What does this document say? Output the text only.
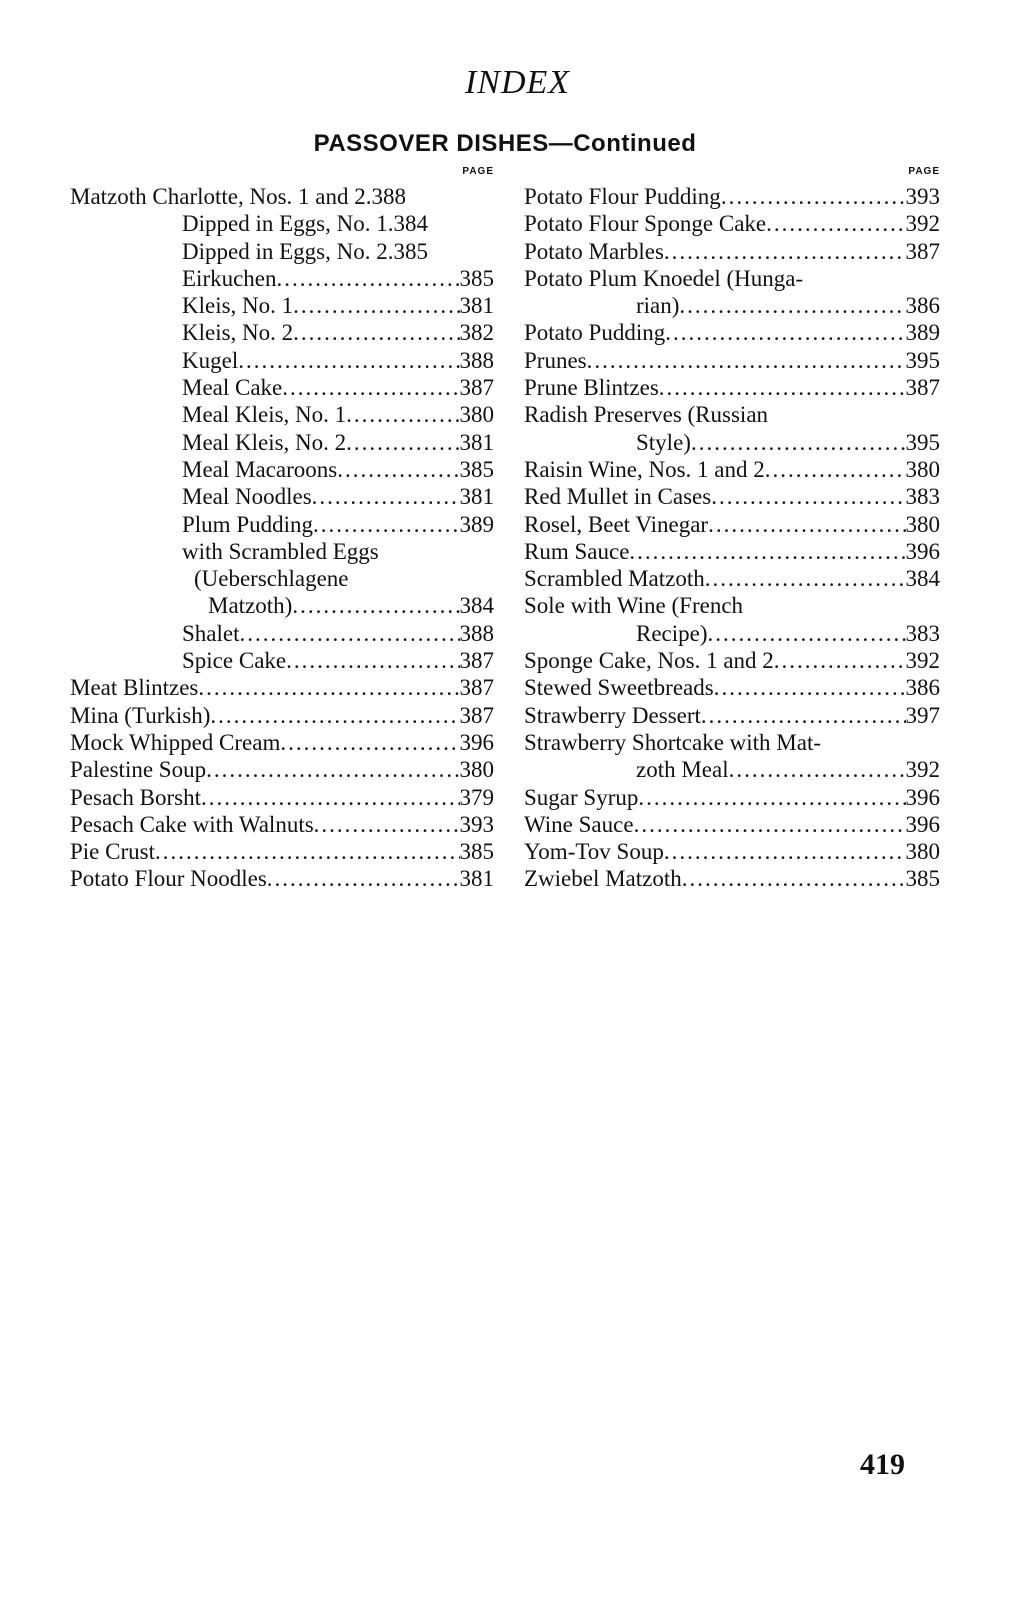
INDEX
PASSOVER DISHES—Continued
PAGE
Matzoth Charlotte, Nos. 1 and 2 . 388
Dipped in Eggs, No. 1 . 384
Dipped in Eggs, No. 2 . 385
Eirkuchen .....	385
Kleis, No. 1 .....	381
Kleis, No. 2 .....	382
Kugel .....	388
Meal Cake .....	387
Meal Kleis, No. 1 .....	380
Meal Kleis, No. 2 .....	381
Meal Macaroons .....	385
Meal Noodles .....	381
Plum Pudding .....	389
with Scrambled Eggs
(Ueberschlagene
Matzoth) .....	384
Shalet .....	388
Spice Cake .....	387
Meat Blintzes .....	387
Mina (Turkish) .....	387
Mock Whipped Cream .....	396
Palestine Soup .....	380
Pesach Borsht .....	379
Pesach Cake with Walnuts .....	393
Pie Crust .....	385
Potato Flour Noodles .....	381
PAGE
Potato Flour Pudding .....	393
Potato Flour Sponge Cake .....	392
Potato Marbles .....	387
Potato Plum Knoedel (Hunga-
rian) .....	386
Potato Pudding .....	389
Prunes .....	395
Prune Blintzes .....	387
Radish Preserves (Russian
Style) .....	395
Raisin Wine, Nos. 1 and 2 .....	380
Red Mullet in Cases .....	383
Rosel, Beet Vinegar .....	380
Rum Sauce .....	396
Scrambled Matzoth .....	384
Sole with Wine (French
Recipe) .....	383
Sponge Cake, Nos. 1 and 2 .....	392
Stewed Sweetbreads .....	386
Strawberry Dessert .....	397
Strawberry Shortcake with Mat-
zoth Meal .....	392
Sugar Syrup .....	396
Wine Sauce .....	396
Yom-Tov Soup .....	380
Zwiebel Matzoth .....	385
419
